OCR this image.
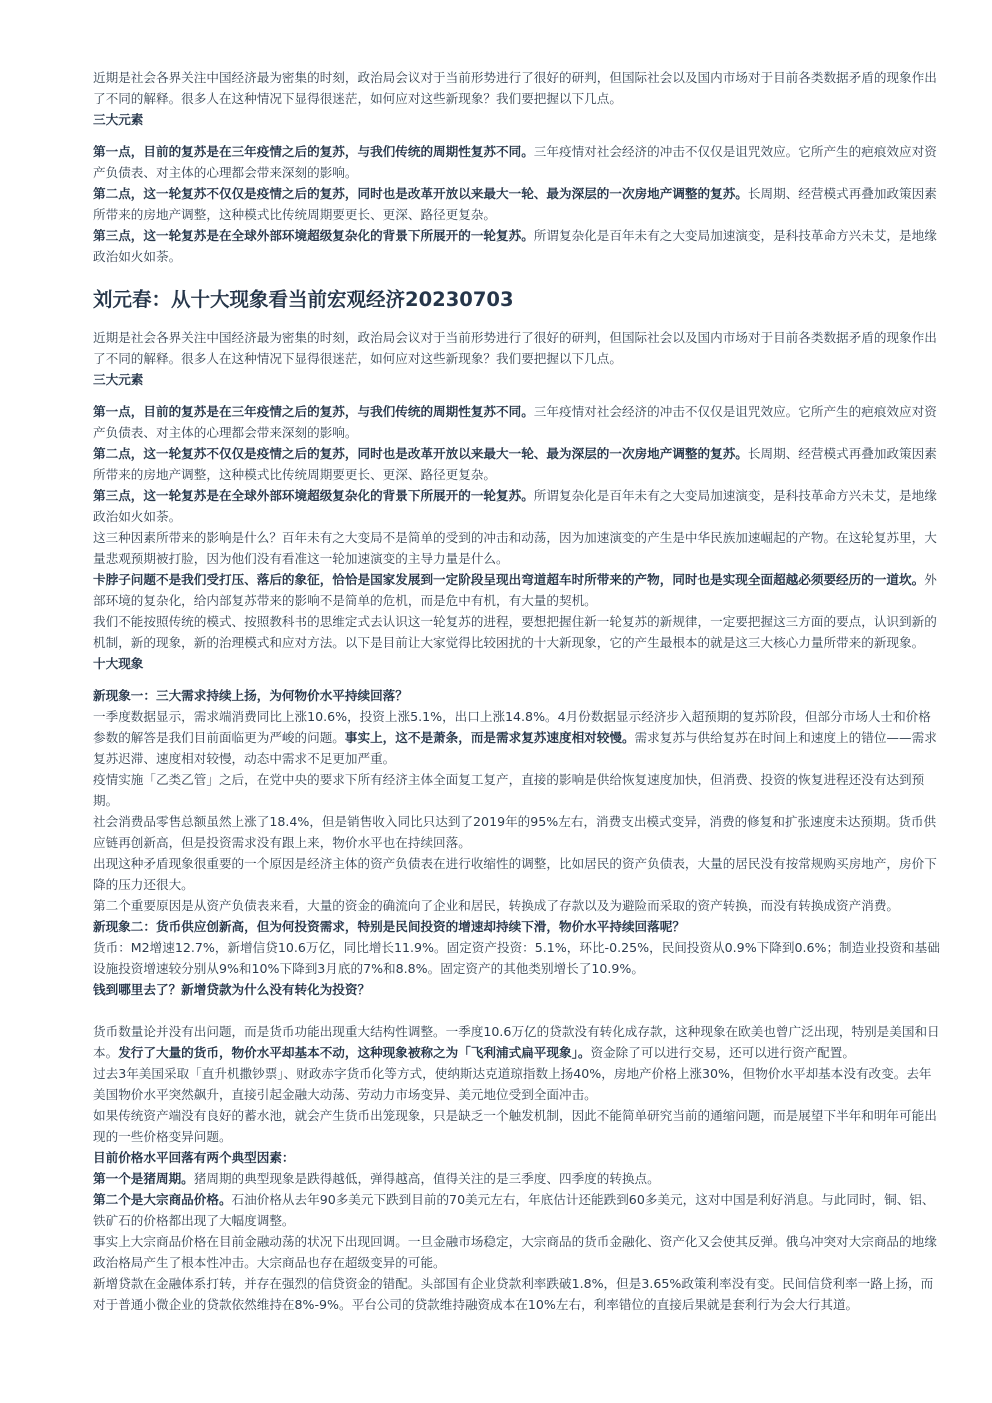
近期是社会各界关注中国经济最为密集的时刻，政治局会议对于当前形势进行了很好的研判，但国际社会以及国内市场对于目前各类数据矛盾的现象作出了不同的解释。很多人在这种情况下显得很迷茫，如何应对这些新现象？我们要把握以下几点。

三大元素

第一点，目前的复苏是在三年疫情之后的复苏，与我们传统的周期性复苏不同。三年疫情对社会经济的冲击不仅仅是诅咒效应。它所产生的疤痕效应对资产负债表、对主体的心理都会带来深刻的影响。

第二点，这一轮复苏不仅仅是疫情之后的复苏，同时也是改革开放以来最大一轮、最为深层的一次房地产调整的复苏。长周期、经营模式再叠加政策因素所带来的房地产调整，这种模式比传统周期要更长、更深、路径更复杂。

第三点，这一轮复苏是在全球外部环境超级复杂化的背景下所展开的一轮复苏。所谓复杂化是百年未有之大变局加速演变，是科技革命方兴未艾，是地缘政治如火如荼。

刘元春：从十大现象看当前宏观经济20230703

近期是社会各界关注中国经济最为密集的时刻，政治局会议对于当前形势进行了很好的研判，但国际社会以及国内市场对于目前各类数据矛盾的现象作出了不同的解释。很多人在这种情况下显得很迷茫，如何应对这些新现象？我们要把握以下几点。

三大元素

第一点，目前的复苏是在三年疫情之后的复苏，与我们传统的周期性复苏不同。三年疫情对社会经济的冲击不仅仅是诅咒效应。它所产生的疤痕效应对资产负债表、对主体的心理都会带来深刻的影响。

第二点，这一轮复苏不仅仅是疫情之后的复苏，同时也是改革开放以来最大一轮、最为深层的一次房地产调整的复苏。长周期、经营模式再叠加政策因素所带来的房地产调整，这种模式比传统周期要更长、更深、路径更复杂。

第三点，这一轮复苏是在全球外部环境超级复杂化的背景下所展开的一轮复苏。所谓复杂化是百年未有之大变局加速演变，是科技革命方兴未艾，是地缘政治如火如荼。

这三种因素所带来的影响是什么？百年未有之大变局不是简单的受到的冲击和动荡，因为加速演变的产生是中华民族加速崛起的产物。在这轮复苏里，大量悲观预期被打脸，因为他们没有看准这一轮加速演变的主导力量是什么。

卡脖子问题不是我们受打压、落后的象征，恰恰是国家发展到一定阶段呈现出弯道超车时所带来的产物，同时也是实现全面超越必须要经历的一道坎。外部环境的复杂化，给内部复苏带来的影响不是简单的危机，而是危中有机，有大量的契机。

我们不能按照传统的模式、按照教科书的思维定式去认识这一轮复苏的进程，要想把握住新一轮复苏的新规律，一定要把握这三方面的要点，认识到新的机制，新的现象，新的治理模式和应对方法。以下是目前让大家觉得比较困扰的十大新现象，它的产生最根本的就是这三大核心力量所带来的新现象。

十大现象

新现象一：三大需求持续上扬，为何物价水平持续回落？

一季度数据显示，需求端消费同比上涨10.6%，投资上涨5.1%，出口上涨14.8%。4月份数据显示经济步入超预期的复苏阶段，但部分市场人士和价格参数的解答是我们目前面临更为严峻的问题。事实上，这不是萧条，而是需求复苏速度相对较慢。需求复苏与供给复苏在时间上和速度上的错位——需求复苏迟滞、速度相对较慢，动态中需求不足更加严重。

疫情实施「乙类乙管」之后，在党中央的要求下所有经济主体全面复工复产，直接的影响是供给恢复速度加快，但消费、投资的恢复进程还没有达到预期。

社会消费品零售总额虽然上涨了18.4%，但是销售收入同比只达到了2019年的95%左右，消费支出模式变异，消费的修复和扩张速度未达预期。货币供应链再创新高，但是投资需求没有跟上来，物价水平也在持续回落。

出现这种矛盾现象很重要的一个原因是经济主体的资产负债表在进行收缩性的调整，比如居民的资产负债表，大量的居民没有按常规购买房地产，房价下降的压力还很大。

第二个重要原因是从资产负债表来看，大量的资金的确流向了企业和居民，转换成了存款以及为避险而采取的资产转换，而没有转换成资产消费。

新现象二：货币供应创新高，但为何投资需求，特别是民间投资的增速却持续下滑，物价水平持续回落呢？

货币：M2增速12.7%，新增信贷10.6万亿，同比增长11.9%。固定资产投资：5.1%，环比-0.25%，民间投资从0.9%下降到0.6%；制造业投资和基础设施投资增速较分别从9%和10%下降到3月底的7%和8.8%。固定资产的其他类别增长了10.9%。

钱到哪里去了？新增贷款为什么没有转化为投资？

货币数量论并没有出问题，而是货币功能出现重大结构性调整。一季度10.6万亿的贷款没有转化成存款，这种现象在欧美也曾广泛出现，特别是美国和日本。发行了大量的货币，物价水平却基本不动，这种现象被称之为「飞利浦式扁平现象」。资金除了可以进行交易，还可以进行资产配置。

过去3年美国采取「直升机撒钞票」、财政赤字货币化等方式，使纳斯达克道琼指数上扬40%，房地产价格上涨30%，但物价水平却基本没有改变。去年美国物价水平突然飙升，直接引起金融大动荡、劳动力市场变异、美元地位受到全面冲击。

如果传统资产端没有良好的蓄水池，就会产生货币出笼现象，只是缺乏一个触发机制，因此不能简单研究当前的通缩问题，而是展望下半年和明年可能出现的一些价格变异问题。

目前价格水平回落有两个典型因素：

第一个是猪周期。猪周期的典型现象是跌得越低，弹得越高，值得关注的是三季度、四季度的转换点。

第二个是大宗商品价格。石油价格从去年90多美元下跌到目前的70美元左右，年底估计还能跌到60多美元，这对中国是利好消息。与此同时，铜、铝、铁矿石的价格都出现了大幅度调整。

事实上大宗商品价格在目前金融动荡的状况下出现回调。一旦金融市场稳定，大宗商品的货币金融化、资产化又会使其反弹。俄乌冲突对大宗商品的地缘政治格局产生了根本性冲击。大宗商品也存在超级变异的可能。

新增贷款在金融体系打转，并存在强烈的信贷资金的错配。头部国有企业贷款利率跌破1.8%，但是3.65%政策利率没有变。民间信贷利率一路上扬，而对于普通小微企业的贷款依然维持在8%-9%。平台公司的贷款维持融资成本在10%左右，利率错位的直接后果就是套利行为会大行其道。
